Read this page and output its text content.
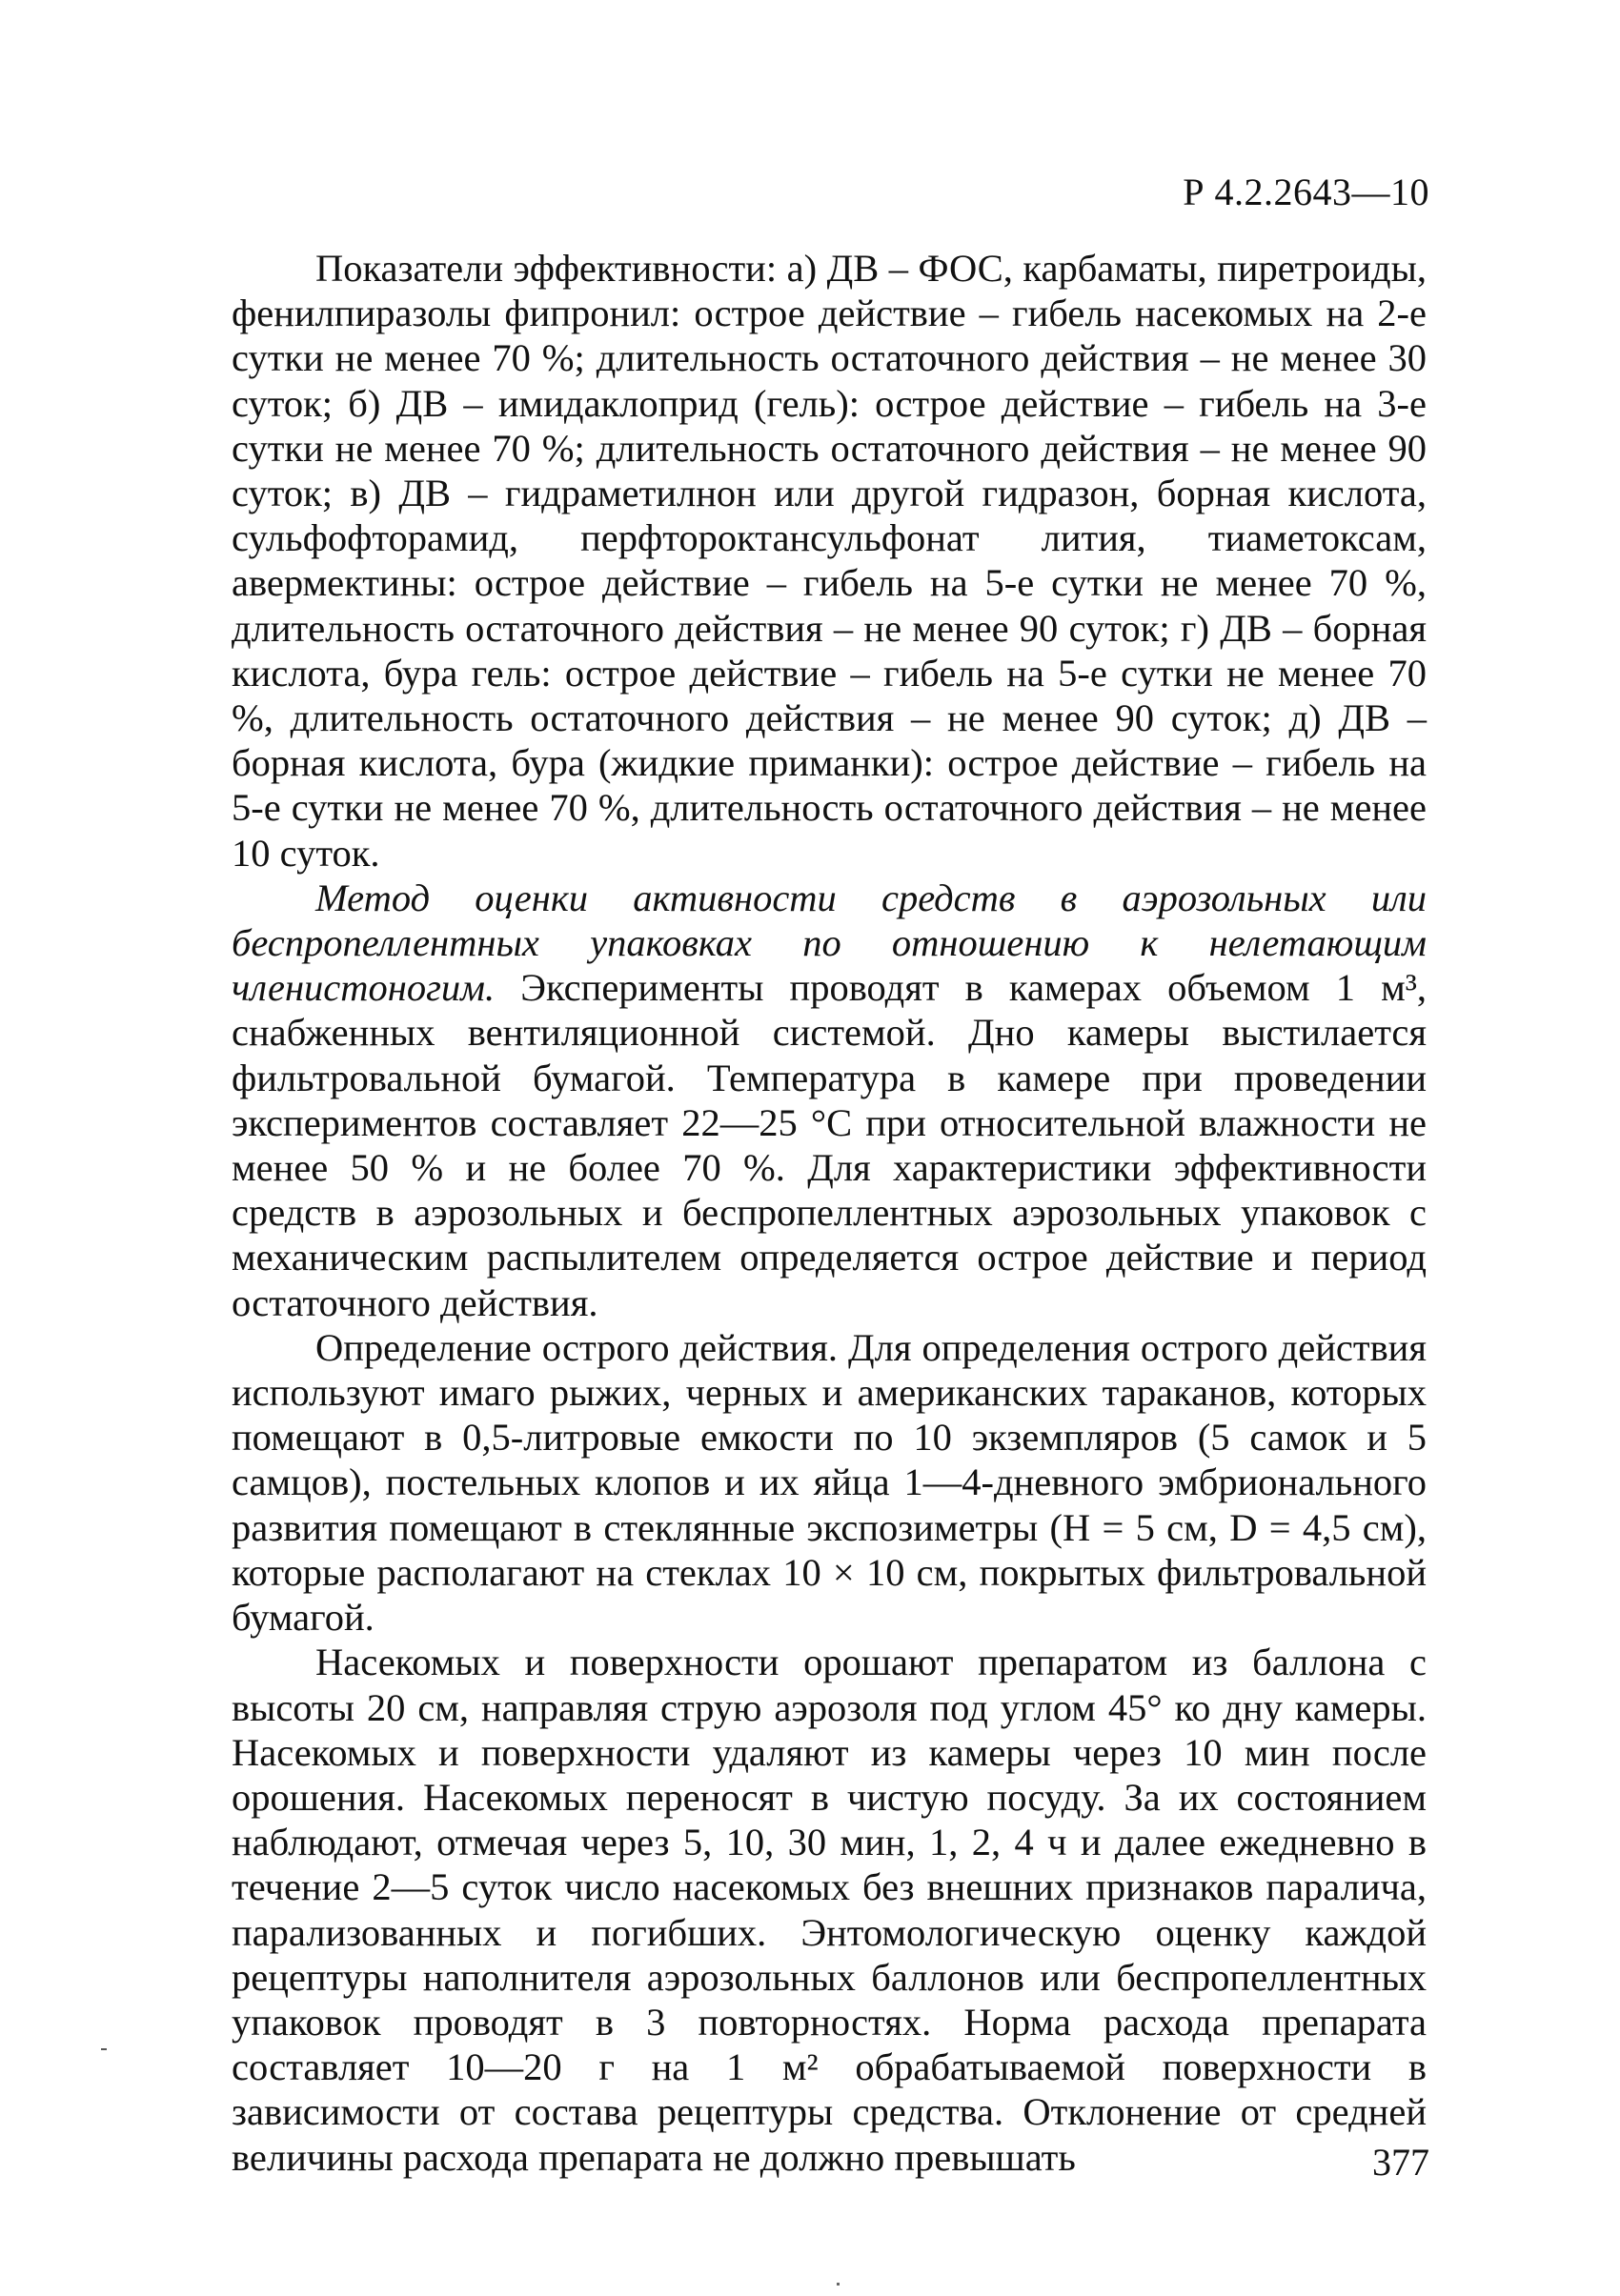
Р 4.2.2643—10

Показатели эффективности: а) ДВ – ФОС, карбаматы, пиретроиды, фенилпиразолы фипронил: острое действие – гибель насекомых на 2-е сутки не менее 70 %; длительность остаточного действия – не менее 30 суток; б) ДВ – имидаклоприд (гель): острое действие – гибель на 3-е сутки не менее 70 %; длительность остаточного действия – не менее 90 суток; в) ДВ – гидраметилнон или другой гидразон, борная кислота, сульфофторамид, перфтороктансульфонат лития, тиаметоксам, авермектины: острое действие – гибель на 5-е сутки не менее 70 %, длительность остаточного действия – не менее 90 суток; г) ДВ – борная кислота, бура гель: острое действие – гибель на 5-е сутки не менее 70 %, длительность остаточного действия – не менее 90 суток; д) ДВ – борная кислота, бура (жидкие приманки): острое действие – гибель на 5-е сутки не менее 70 %, длительность остаточного действия – не менее 10 суток.

Метод оценки активности средств в аэрозольных или беспропеллентных упаковках по отношению к нелетающим членистоногим. Эксперименты проводят в камерах объемом 1 м³, снабженных вентиляционной системой. Дно камеры выстилается фильтровальной бумагой. Температура в камере при проведении экспериментов составляет 22—25 °С при относительной влажности не менее 50 % и не более 70 %. Для характеристики эффективности средств в аэрозольных и беспропеллентных аэрозольных упаковок с механическим распылителем определяется острое действие и период остаточного действия.

Определение острого действия. Для определения острого действия используют имаго рыжих, черных и американских тараканов, которых помещают в 0,5-литровые емкости по 10 экземпляров (5 самок и 5 самцов), постельных клопов и их яйца 1—4-дневного эмбрионального развития помещают в стеклянные экспозиметры (H = 5 см, D = 4,5 см), которые располагают на стеклах 10 × 10 см, покрытых фильтровальной бумагой.

Насекомых и поверхности орошают препаратом из баллона с высоты 20 см, направляя струю аэрозоля под углом 45° ко дну камеры. Насекомых и поверхности удаляют из камеры через 10 мин после орошения. Насекомых переносят в чистую посуду. За их состоянием наблюдают, отмечая через 5, 10, 30 мин, 1, 2, 4 ч и далее ежедневно в течение 2—5 суток число насекомых без внешних признаков паралича, парализованных и погибших. Энтомологическую оценку каждой рецептуры наполнителя аэрозольных баллонов или беспропеллентных упаковок проводят в 3 повторностях. Норма расхода препарата составляет 10—20 г на 1 м² обрабатываемой поверхности в зависимости от состава рецептуры средства. Отклонение от средней величины расхода препарата не должно превышать	377
